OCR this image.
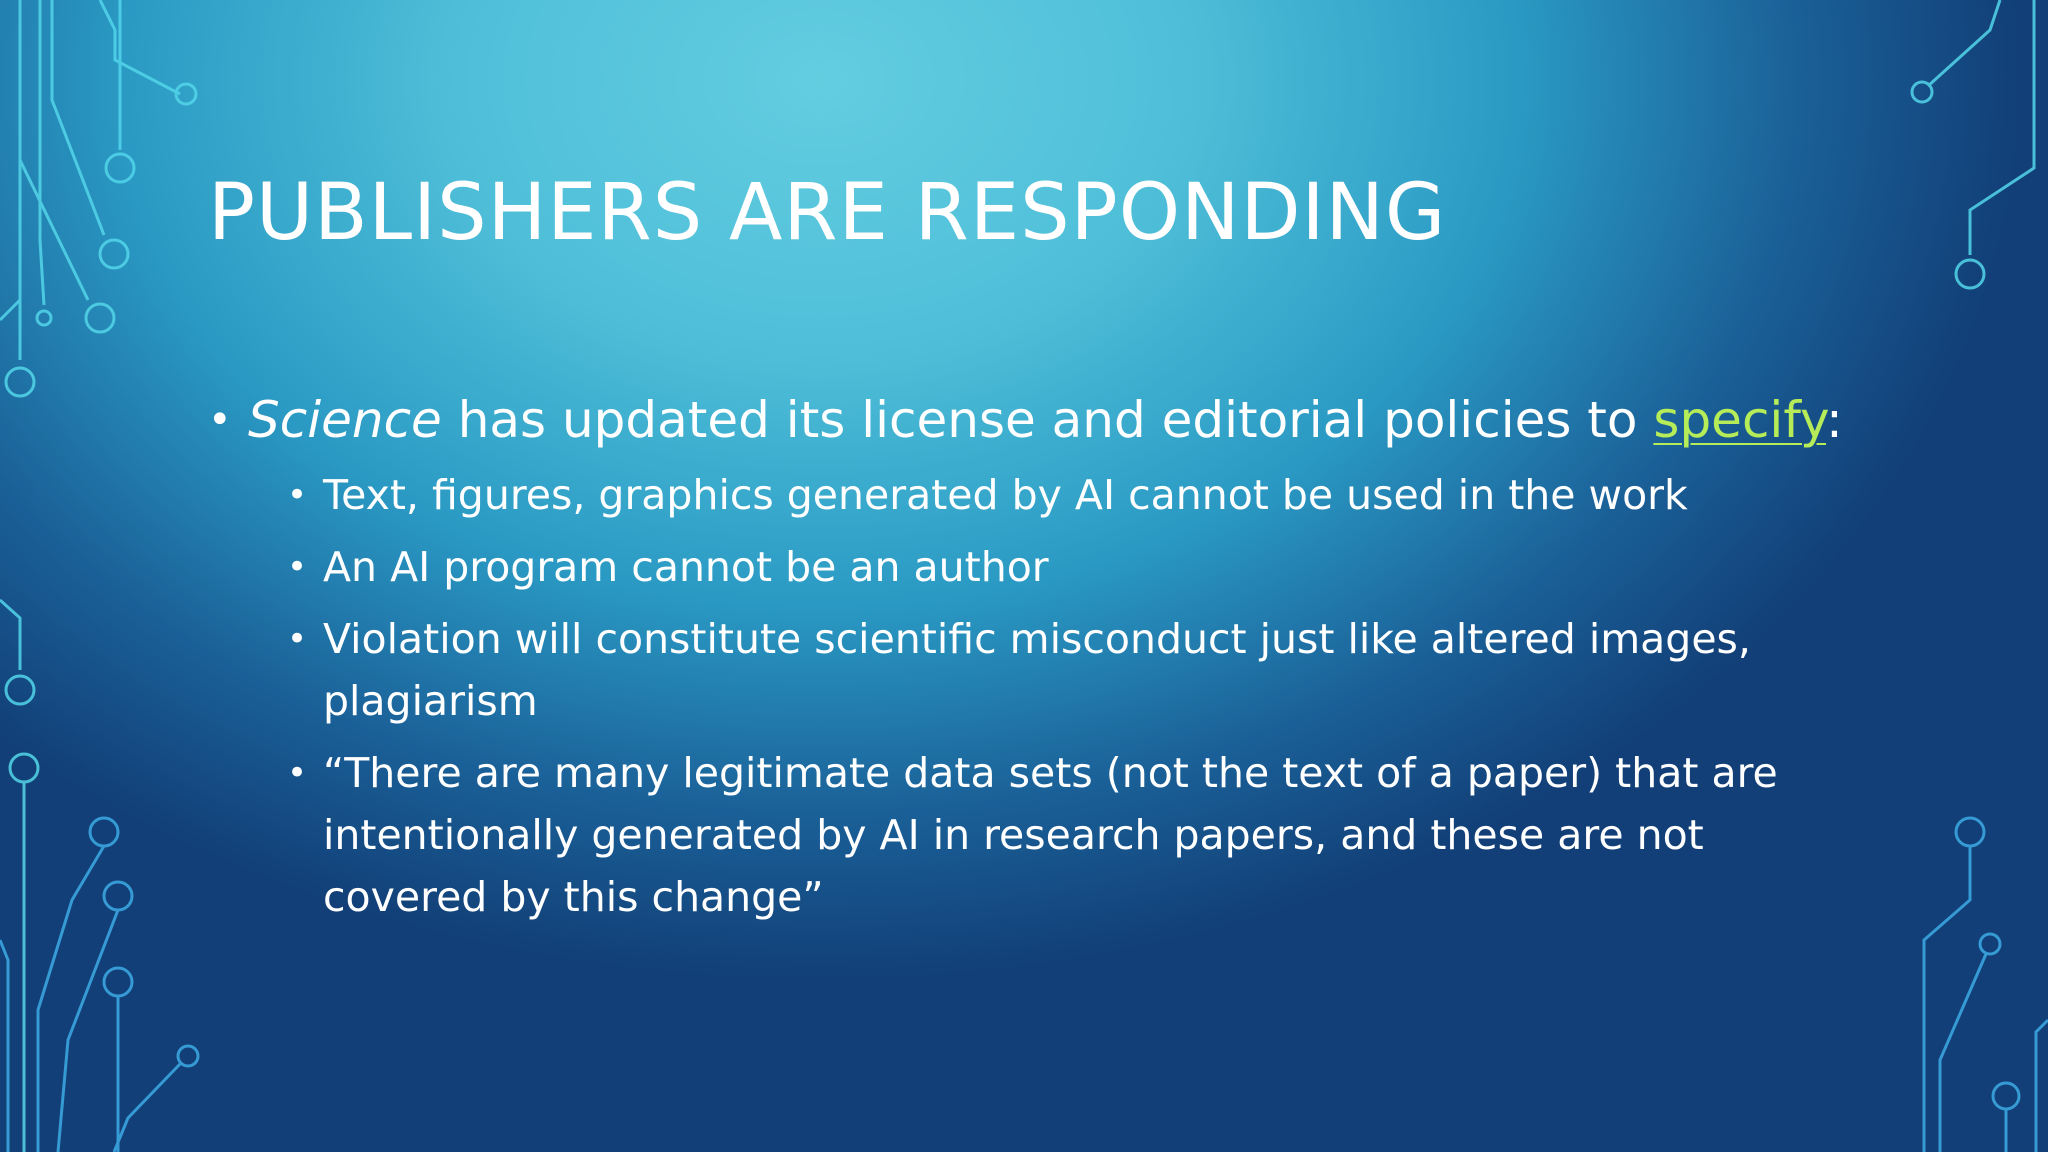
PUBLISHERS ARE RESPONDING
• Science has updated its license and editorial policies to specify:
• Text, figures, graphics generated by AI cannot be used in the work
• An AI program cannot be an author
• Violation will constitute scientific misconduct just like altered images, plagiarism
• “There are many legitimate data sets (not the text of a paper) that are intentionally generated by AI in research papers, and these are not covered by this change”
